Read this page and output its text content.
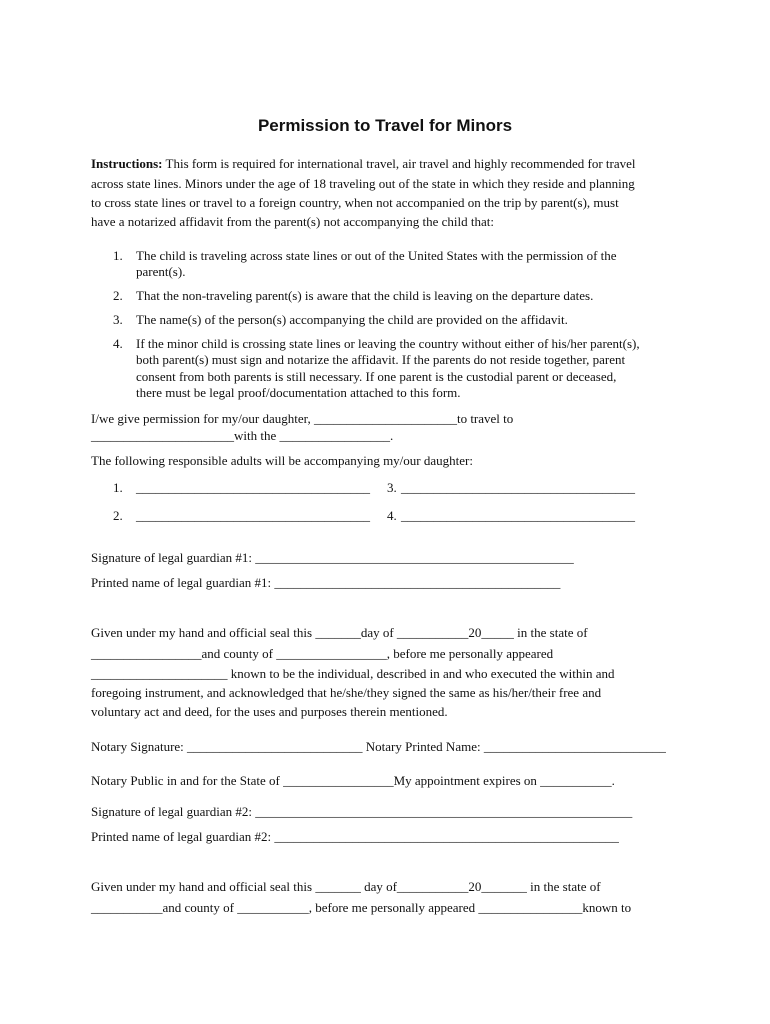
Permission to Travel for Minors
Instructions: This form is required for international travel, air travel and highly recommended for travel
across state lines. Minors under the age of 18 traveling out of the state in which they reside and planning
to cross state lines or travel to a foreign country, when not accompanied on the trip by parent(s), must
have a notarized affidavit from the parent(s) not accompanying the child that:
1. The child is traveling across state lines or out of the United States with the permission of the
parent(s).
2. That the non-traveling parent(s) is aware that the child is leaving on the departure dates.
3. The name(s) of the person(s) accompanying the child are provided on the affidavit.
4. If the minor child is crossing state lines or leaving the country without either of his/her parent(s),
both parent(s) must sign and notarize the affidavit. If the parents do not reside together, parent
consent from both parents is still necessary. If one parent is the custodial parent or deceased,
there must be legal proof/documentation attached to this form.
I/we give permission for my/our daughter, ______________________to travel to
______________________with the _________________.
The following responsible adults will be accompanying my/our daughter:
1. ____________________________________ 3. ____________________________________
2. ____________________________________ 4. ____________________________________
Signature of legal guardian #1: _________________________________________________
Printed name of legal guardian #1: ____________________________________________
Given under my hand and official seal this _______day of ___________20_____ in the state of
_________________and county of _________________, before me personally appeared
_____________________ known to be the individual, described in and who executed the within and
foregoing instrument, and acknowledged that he/she/they signed the same as his/her/their free and
voluntary act and deed, for the uses and purposes therein mentioned.
Notary Signature: ___________________________ Notary Printed Name: ____________________________
Notary Public in and for the State of _________________My appointment expires on ___________.
Signature of legal guardian #2: __________________________________________________________
Printed name of legal guardian #2: _____________________________________________________
Given under my hand and official seal this _______ day of___________20_______ in the state of
___________and county of ___________, before me personally appeared ________________known to
